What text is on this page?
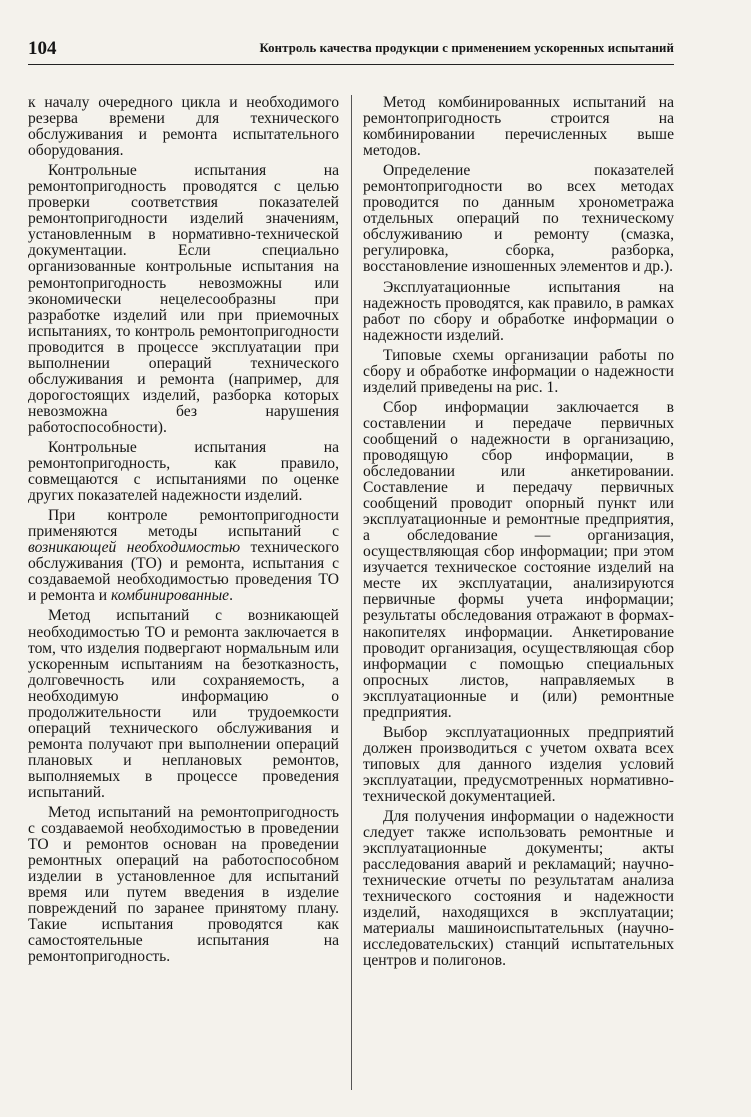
104	Контроль качества продукции с применением ускоренных испытаний

к началу очередного цикла и необходимого резерва времени для технического обслуживания и ремонта испытательного оборудования.

Контрольные испытания на ремонтопригодность проводятся с целью проверки соответствия показателей ремонтопригодности изделий значениям, установленным в нормативно-технической документации. Если специально организованные контрольные испытания на ремонтопригодность невозможны или экономически нецелесообразны при разработке изделий или при приемочных испытаниях, то контроль ремонтопригодности проводится в процессе эксплуатации при выполнении операций технического обслуживания и ремонта (например, для дорогостоящих изделий, разборка которых невозможна без нарушения работоспособности).

Контрольные испытания на ремонтопригодность, как правило, совмещаются с испытаниями по оценке других показателей надежности изделий.

При контроле ремонтопригодности применяются методы испытаний с возникающей необходимостью технического обслуживания (ТО) и ремонта, испытания с создаваемой необходимостью проведения ТО и ремонта и комбинированные.

Метод испытаний с возникающей необходимостью ТО и ремонта заключается в том, что изделия подвергают нормальным или ускоренным испытаниям на безотказность, долговечность или сохраняемость, а необходимую информацию о продолжительности или трудоемкости операций технического обслуживания и ремонта получают при выполнении операций плановых и неплановых ремонтов, выполняемых в процессе проведения испытаний.

Метод испытаний на ремонтопригодность с создаваемой необходимостью в проведении ТО и ремонтов основан на проведении ремонтных операций на работоспособном изделии в установленное для испытаний время или путем введения в изделие повреждений по заранее принятому плану. Такие испытания проводятся как самостоятельные испытания на ремонтопригодность.

Метод комбинированных испытаний на ремонтопригодность строится на комбинировании перечисленных выше методов.

Определение показателей ремонтопригодности во всех методах проводится по данным хронометража отдельных операций по техническому обслуживанию и ремонту (смазка, регулировка, сборка, разборка, восстановление изношенных элементов и др.).

Эксплуатационные испытания на надежность проводятся, как правило, в рамках работ по сбору и обработке информации о надежности изделий.

Типовые схемы организации работы по сбору и обработке информации о надежности изделий приведены на рис. 1.

Сбор информации заключается в составлении и передаче первичных сообщений о надежности в организацию, проводящую сбор информации, в обследовании или анкетировании. Составление и передачу первичных сообщений проводит опорный пункт или эксплуатационные и ремонтные предприятия, а обследование — организация, осуществляющая сбор информации; при этом изучается техническое состояние изделий на месте их эксплуатации, анализируются первичные формы учета информации; результаты обследования отражают в формах-накопителях информации. Анкетирование проводит организация, осуществляющая сбор информации с помощью специальных опросных листов, направляемых в эксплуатационные и (или) ремонтные предприятия.

Выбор эксплуатационных предприятий должен производиться с учетом охвата всех типовых для данного изделия условий эксплуатации, предусмотренных нормативно-технической документацией.

Для получения информации о надежности следует также использовать ремонтные и эксплуатационные документы; акты расследования аварий и рекламаций; научно-технические отчеты по результатам анализа технического состояния и надежности изделий, находящихся в эксплуатации; материалы машиноиспытательных (научно-исследовательских) станций испытательных центров и полигонов.
